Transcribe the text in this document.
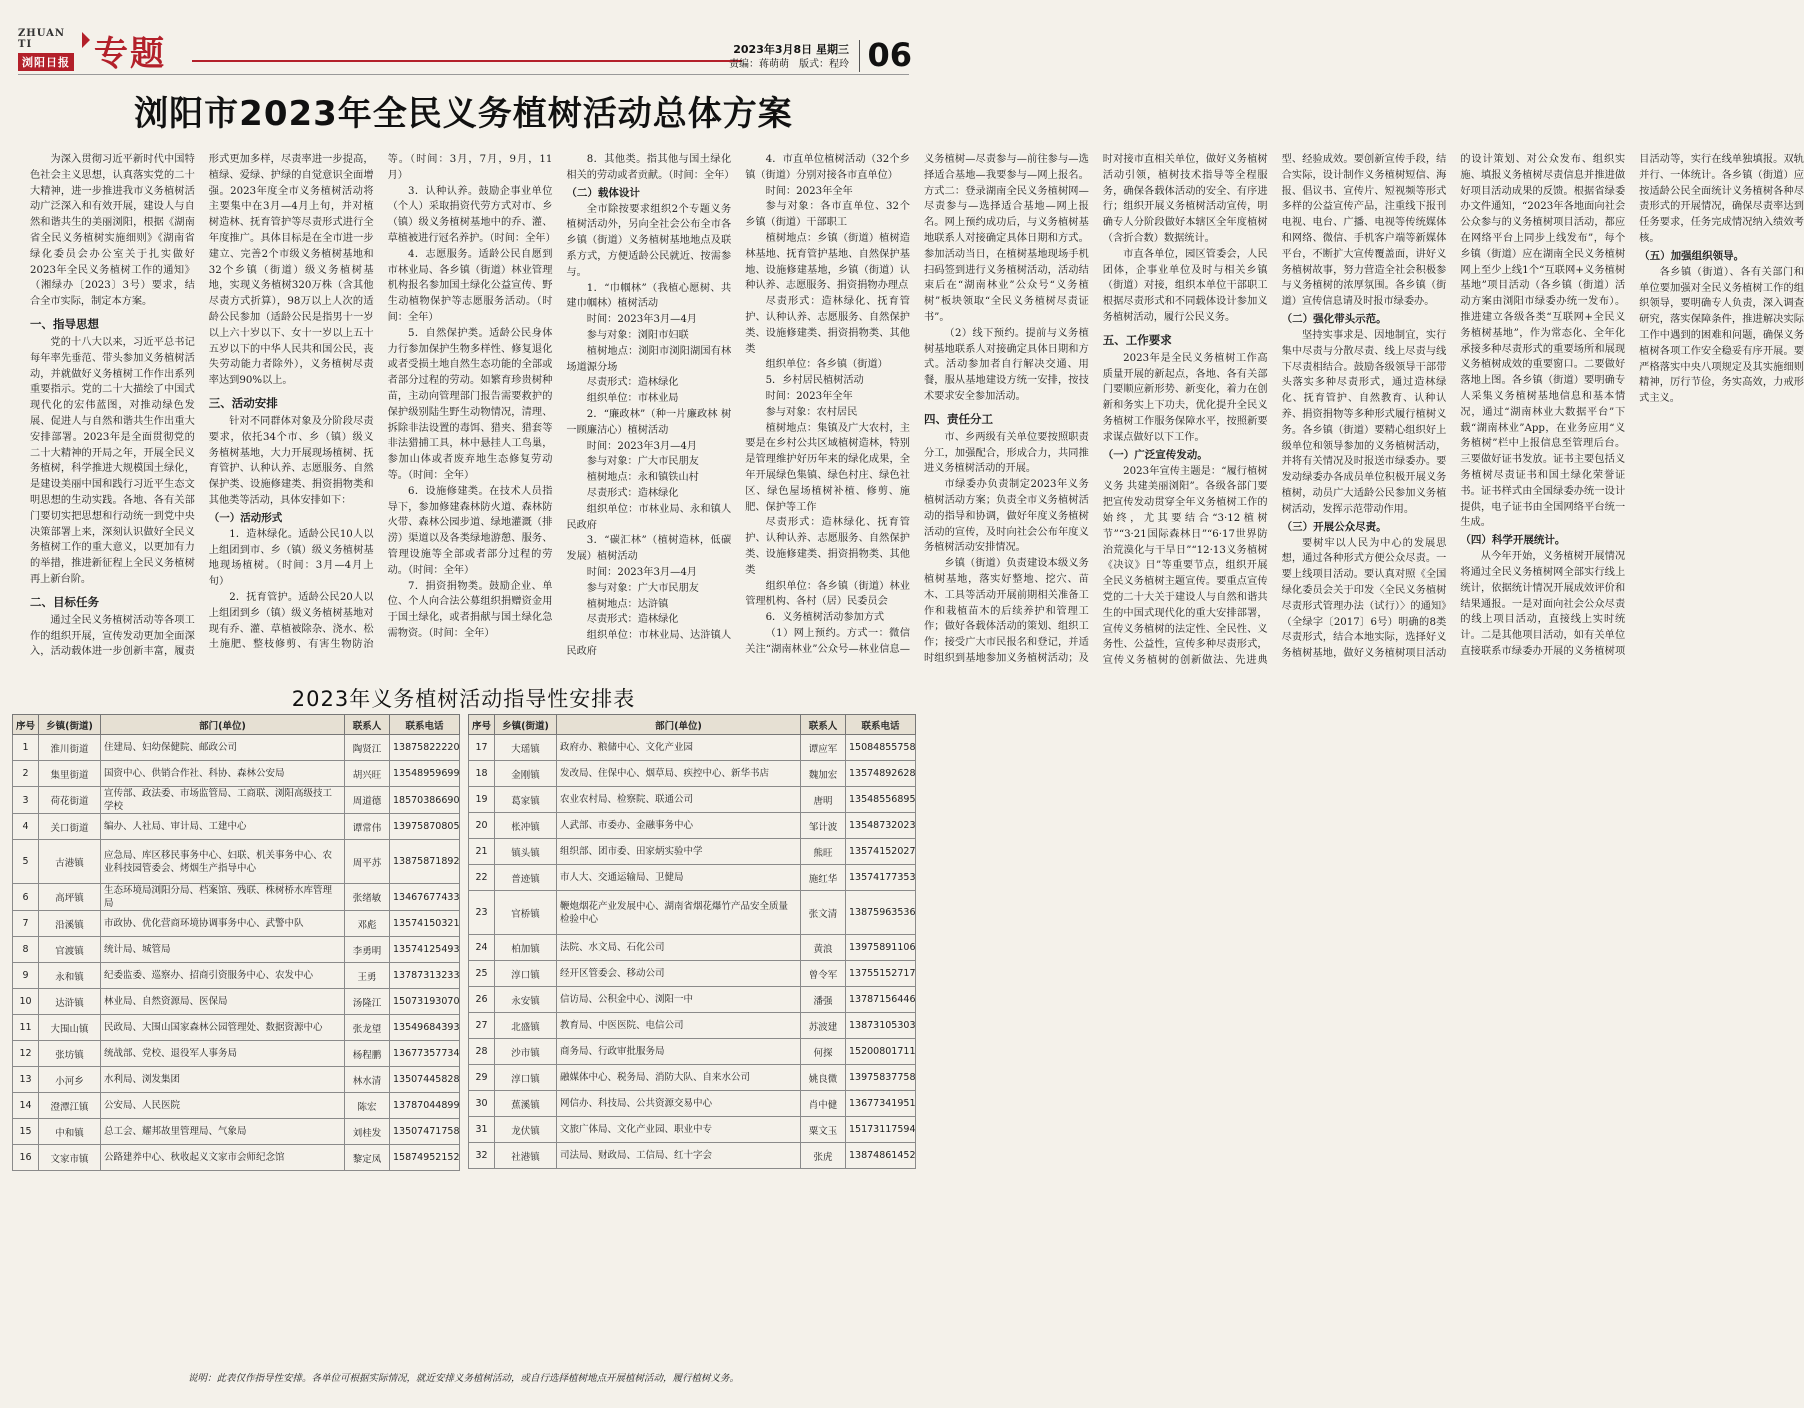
ZHUAN TI
浏阳日报 专题	2023年3月8日 星期三
责编：蒋萌萌　版式：程玲 06
浏阳市2023年全民义务植树活动总体方案

为深入贯彻习近平新时代中国特色社会主义思想，认真落实党的二十大精神，进一步推进我市义务植树活动广泛深入和有效开展，建设人与自然和谐共生的美丽浏阳，根据《湖南省全民义务植树实施细则》《湖南省绿化委员会办公室关于扎实做好2023年全民义务植树工作的通知》（湘绿办〔2023〕3号）要求，结合全市实际，制定本方案。

一、指导思想

党的十八大以来，习近平总书记每年率先垂范、带头参加义务植树活动，并就做好义务植树工作作出系列重要指示。党的二十大描绘了中国式现代化的宏伟蓝图，对推动绿色发展、促进人与自然和谐共生作出重大安排部署。2023年是全面贯彻党的二十大精神的开局之年，开展全民义务植树，科学推进大规模国土绿化，是建设美丽中国和践行习近平生态文明思想的生动实践。各地、各有关部门要切实把思想和行动统一到党中央决策部署上来，深刻认识做好全民义务植树工作的重大意义，以更加有力的举措，推进新征程上全民义务植树再上新台阶。

二、目标任务

通过全民义务植树活动等各项工作的组织开展，宣传发动更加全面深入，活动载体进一步创新丰富，履责形式更加多样，尽责率进一步提高，植绿、爱绿、护绿的自觉意识全面增强。2023年度全市义务植树活动将主要集中在3月—4月上旬，并对植树造林、抚育管护等尽责形式进行全年度推广。具体目标是在全市进一步建立、完善2个市级义务植树基地和32个乡镇（街道）级义务植树基地，实现义务植树320万株（含其他尽责方式折算），98万以上人次的适龄公民参加（适龄公民是指男十一岁以上六十岁以下、女十一岁以上五十五岁以下的中华人民共和国公民，丧失劳动能力者除外），义务植树尽责率达到90%以上。

三、活动安排

针对不同群体对象及分阶段尽责要求，依托34个市、乡（镇）级义务植树基地，大力开展现场植树、抚育管护、认种认养、志愿服务、自然保护类、设施修建类、捐资捐物类和其他类等活动，具体安排如下：

（一）活动形式

1．造林绿化。适龄公民10人以上组团到市、乡（镇）级义务植树基地现场植树。（时间：3月—4月上旬）

2．抚育管护。适龄公民20人以上组团到乡（镇）级义务植树基地对现有乔、灌、草植被除杂、浇水、松土施肥、整枝修剪、有害生物防治等。（时间：3月，7月，9月，11月）

3．认种认养。鼓励企事业单位（个人）采取捐资代劳方式对市、乡（镇）级义务植树基地中的乔、灌、草植被进行冠名养护。（时间：全年）

4．志愿服务。适龄公民自愿到市林业局、各乡镇（街道）林业管理机构报名参加国土绿化公益宣传、野生动植物保护等志愿服务活动。（时间：全年）

5．自然保护类。适龄公民身体力行参加保护生物多样性、修复退化或者受损土地自然生态功能的全部或者部分过程的劳动。如繁育珍贵树种苗，主动向管理部门报告需要救护的保护级别陆生野生动物情况，清理、拆除非法设置的毒饵、猎夹、猎套等非法猎捕工具，林中悬挂人工鸟巢，参加山体或者废弃地生态修复劳动等。（时间：全年）

6．设施修建类。在技术人员指导下，参加修建森林防火道、森林防火带、森林公园步道、绿地灌溉（排涝）渠道以及各类绿地游憩、服务、管理设施等全部或者部分过程的劳动。（时间：全年）

7．捐资捐物类。鼓励企业、单位、个人向合法公募组织捐赠资金用于国土绿化，或者捐献与国土绿化急需物资。（时间：全年）

8．其他类。指其他与国土绿化相关的劳动或者贡献。（时间：全年）

（二）载体设计

全市除按要求组织2个专题义务植树活动外，另向全社会公布全市各乡镇（街道）义务植树基地地点及联系方式，方便适龄公民就近、按需参与。

1．“巾帼林”（我植心愿树、共建巾帼林）植树活动

时间：2023年3月—4月

参与对象：浏阳市妇联

植树地点：浏阳市浏阳湖国有林场道源分场

尽责形式：造林绿化

组织单位：市林业局

2．“廉政林”（种一片廉政林 树一顾廉洁心）植树活动

时间：2023年3月—4月

参与对象：广大市民朋友

植树地点：永和镇铁山村

尽责形式：造林绿化

组织单位：市林业局、永和镇人民政府

3．“碳汇林”（植树造林，低碳发展）植树活动

时间：2023年3月—4月

参与对象：广大市民朋友

植树地点：达浒镇

尽责形式：造林绿化

组织单位：市林业局、达浒镇人民政府

4．市直单位植树活动（32个乡镇（街道）分别对接各市直单位）

时间：2023年全年

参与对象：各市直单位、32个乡镇（街道）干部职工

植树地点：乡镇（街道）植树造林基地、抚育管护基地、自然保护基地、设施修建基地，乡镇（街道）认种认养、志愿服务、捐资捐物办理点

尽责形式：造林绿化、抚育管护、认种认养、志愿服务、自然保护类、设施修建类、捐资捐物类、其他类

组织单位：各乡镇（街道）

5．乡村居民植树活动

时间：2023年全年

参与对象：农村居民

植树地点：集镇及广大农村，主要是在乡村公共区域植树造林，特别是管理维护好历年来的绿化成果，全年开展绿色集镇、绿色村庄、绿色社区、绿色屋场植树补植、修剪、施肥、保护等工作

尽责形式：造林绿化、抚育管护、认种认养、志愿服务、自然保护类、设施修建类、捐资捐物类、其他类

组织单位：各乡镇（街道）林业管理机构、各村（居）民委员会

6．义务植树活动参加方式

（1）网上预约。方式一：微信关注“湖南林业”公众号—林业信息—义务植树—尽责参与—前往参与—选择适合基地—我要参与—网上报名。方式二：登录湖南全民义务植树网—尽责参与—选择适合基地—网上报名。网上预约成功后，与义务植树基地联系人对接确定具体日期和方式。参加活动当日，在植树基地现场手机扫码签到进行义务植树活动，活动结束后在“湖南林业”公众号“义务植树”板块领取“全民义务植树尽责证书”。

（2）线下预约。提前与义务植树基地联系人对接确定具体日期和方式。活动参加者自行解决交通、用餐，服从基地建设方统一安排，按技术要求安全参加活动。

四、责任分工

市、乡两级有关单位要按照职责分工，加强配合，形成合力，共同推进义务植树活动的开展。

市绿委办负责制定2023年义务植树活动方案；负责全市义务植树活动的指导和协调，做好年度义务植树活动的宣传，及时向社会公布年度义务植树活动安排情况。

乡镇（街道）负责建设本级义务植树基地，落实好整地、挖穴、苗木、工具等活动开展前期相关准备工作和栽植苗木的后续养护和管理工作；做好各载体活动的策划、组织工作；接受广大市民报名和登记，并适时组织到基地参加义务植树活动；及时对接市直相关单位，做好义务植树活动引领，植树技术指导等全程服务，确保各载体活动的安全、有序进行；组织开展义务植树活动宣传，明确专人分阶段做好本辖区全年度植树（含折合数）数据统计。

市直各单位，园区管委会，人民团体，企事业单位及时与相关乡镇（街道）对接，组织本单位干部职工根据尽责形式和不同载体设计参加义务植树活动，履行公民义务。

五、工作要求

2023年是全民义务植树工作高质量开展的新起点，各地、各有关部门要顺应新形势、新变化，着力在创新和务实上下功夫，优化提升全民义务植树工作服务保障水平，按照新要求谋点做好以下工作。

（一）广泛宣传发动。

2023年宣传主题是：“履行植树义务 共建美丽浏阳”。各级各部门要把宣传发动贯穿全年义务植树工作的始终，尤其要结合“3·12植树节”“3·21国际森林日”“6·17世界防治荒漠化与干旱日”“12·13义务植树《决议》日”等重要节点，组织开展全民义务植树主题宣传。要重点宣传党的二十大关于建设人与自然和谐共生的中国式现代化的重大安排部署，宣传义务植树的法定性、全民性、义务性、公益性，宣传多种尽责形式，宣传义务植树的创新做法、先进典型、经验成效。要创新宣传手段，结合实际，设计制作义务植树短信、海报、倡议书、宣传片、短视频等形式多样的公益宣传产品，注重线下报刊电视、电台、广播、电视等传统媒体和网络、微信、手机客户端等新媒体平台，不断扩大宣传覆盖面，讲好义务植树故事，努力营造全社会积极参与义务植树的浓厚氛围。各乡镇（街道）宣传信息请及时报市绿委办。

（二）强化带头示范。

坚持实事求是、因地制宜，实行集中尽责与分散尽责、线上尽责与线下尽责相结合。鼓励各级领导干部带头落实多种尽责形式，通过造林绿化、抚育管护、自然教育、认种认养、捐资捐物等多种形式履行植树义务。各乡镇（街道）要精心组织好上级单位和领导参加的义务植树活动，并将有关情况及时报送市绿委办。要发动绿委办各成员单位积极开展义务植树，动员广大适龄公民参加义务植树活动，发挥示范带动作用。

（三）开展公众尽责。

要树牢以人民为中心的发展思想，通过各种形式方便公众尽责。一要上线项目活动。要认真对照《全国绿化委员会关于印发〈全民义务植树尽责形式管理办法（试行）〉的通知》（全绿字〔2017〕6号）明确的8类尽责形式，结合本地实际，选择好义务植树基地，做好义务植树项目活动的设计策划、对公众发布、组织实施、填报义务植树尽责信息并推进做好项目活动成果的反馈。根据省绿委办文件通知，“2023年各地面向社会公众参与的义务植树项目活动，都应在网络平台上同步上线发布”，每个乡镇（街道）应在湖南全民义务植树网上至少上线1个“互联网+义务植树基地”项目活动（各乡镇（街道）活动方案由浏阳市绿委办统一发布）。推进建立各级各类“互联网+全民义务植树基地”，作为常态化、全年化承接多种尽责形式的重要场所和展现义务植树成效的重要窗口。二要做好落地上图。各乡镇（街道）要明确专人采集义务植树基地信息和基本情况，通过“湖南林业大数据平台”下载“湖南林业”App，在业务应用“义务植树”栏中上报信息至管理后台。三要做好证书发放。证书主要包括义务植树尽责证书和国土绿化荣誉证书。证书样式由全国绿委办统一设计提供，电子证书由全国网络平台统一生成。

（四）科学开展统计。

从今年开始，义务植树开展情况将通过全民义务植树网全部实行线上统计，依据统计情况开展成效评价和结果通报。一是对面向社会公众尽责的线上项目活动，直接线上实时统计。二是其他项目活动，如有关单位直接联系市绿委办开展的义务植树项目活动等，实行在线单独填报。双轨并行、一体统计。各乡镇（街道）应按适龄公民全面统计义务植树各种尽责形式的开展情况，确保尽责率达到任务要求，任务完成情况纳入绩效考核。

（五）加强组织领导。

各乡镇（街道）、各有关部门和单位要加强对全民义务植树工作的组织领导，要明确专人负责，深入调查研究，落实保障条件，推进解决实际工作中遇到的困难和问题，确保义务植树各项工作安全稳妥有序开展。要严格落实中央八项规定及其实施细则精神，厉行节俭，务实高效，力戒形式主义。

2023年义务植树活动指导性安排表
序号	乡镇(街道)	部门(单位)	联系人	联系电话
1	淮川街道	住建局、妇幼保健院、邮政公司	陶贤江	13875822220
2	集里街道	国资中心、供销合作社、科协、森林公安局	胡兴旺	13548959699
3	荷花街道	宣传部、政法委、市场监管局、工商联、浏阳高级技工学校	周道德	18570386690
4	关口街道	编办、人社局、审计局、工建中心	谭常伟	13975870805
5	古港镇	应急局、库区移民事务中心、妇联、机关事务中心、农业科技园管委会、烤烟生产指导中心	周平苏	13875871892
6	高坪镇	生态环境局浏阳分局、档案馆、残联、株树桥水库管理局	张绪敏	13467677433
7	沿溪镇	市政协、优化营商环境协调事务中心、武警中队	邓彪	13574150321
8	官渡镇	统计局、城管局	李勇明	13574125493
9	永和镇	纪委监委、巡察办、招商引资服务中心、农发中心	王勇	13787313233
10	达浒镇	林业局、自然资源局、医保局	汤隆江	15073193070
11	大围山镇	民政局、大围山国家森林公园管理处、数据资源中心	张龙望	13549684393
12	张坊镇	统战部、党校、退役军人事务局	杨程鹏	13677357734
13	小河乡	水利局、浏发集团	林水清	13507445828
14	澄潭江镇	公安局、人民医院	陈宏	13787044899
15	中和镇	总工会、耀邦故里管理局、气象局	刘桂发	13507471758
16	文家市镇	公路建养中心、秋收起义文家市会师纪念馆	黎定凤	15874952152
序号	乡镇(街道)	部门(单位)	联系人	联系电话
17	大瑶镇	政府办、粮储中心、文化产业园	谭应军	15084855758
18	金刚镇	发改局、住保中心、烟草局、疾控中心、新华书店	魏加宏	13574892628
19	葛家镇	农业农村局、检察院、联通公司	唐明	13548556895
20	枨冲镇	人武部、市委办、金融事务中心	邹计波	13548732023
21	镇头镇	组织部、团市委、田家炳实验中学	熊旺	13574152027
22	普迹镇	市人大、交通运输局、卫健局	施红华	13574177353
23	官桥镇	鞭炮烟花产业发展中心、湖南省烟花爆竹产品安全质量检验中心	张文清	13875963536
24	柏加镇	法院、水文局、石化公司	黄浪	13975891106
25	淳口镇	经开区管委会、移动公司	曾令军	13755152717
26	永安镇	信访局、公积金中心、浏阳一中	潘强	13787156446
27	北盛镇	教育局、中医医院、电信公司	苏波建	13873105303
28	沙市镇	商务局、行政审批服务局	何探	15200801711
29	淳口镇	融媒体中心、税务局、消防大队、自来水公司	姚良微	13975837758
30	蕉溪镇	网信办、科技局、公共资源交易中心	肖中健	13677341951
31	龙伏镇	文旅广体局、文化产业园、职业中专	粟文玉	15173117594
32	社港镇	司法局、财政局、工信局、红十字会	张虎	13874861452
说明：此表仅作指导性安排。各单位可根据实际情况，就近安排义务植树活动，或自行选择植树地点开展植树活动，履行植树义务。
